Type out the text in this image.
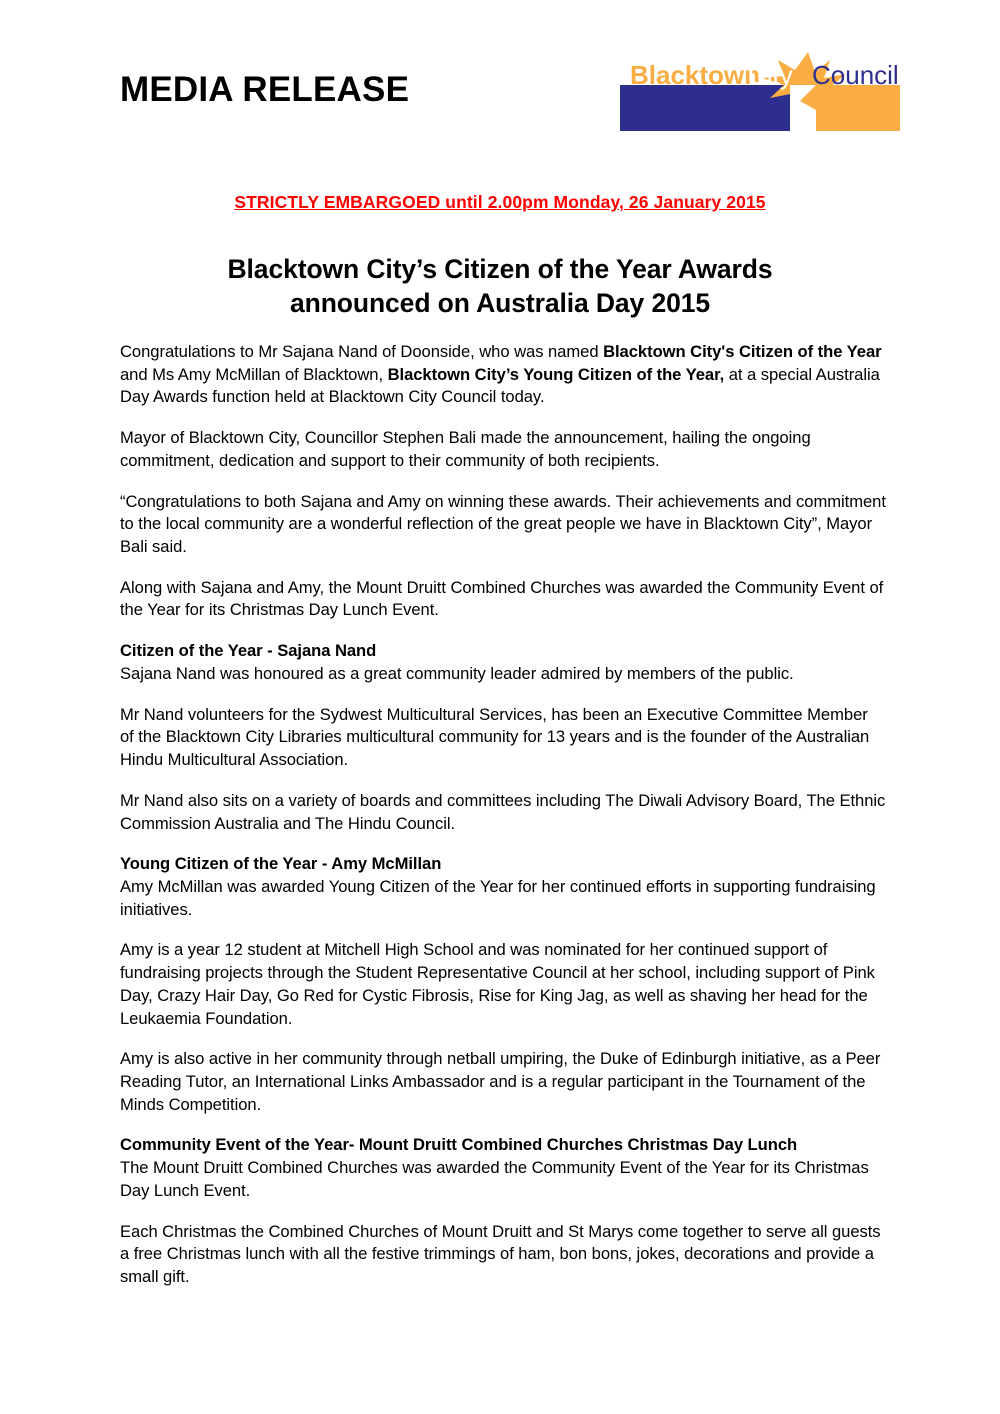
MEDIA RELEASE	Blacktown
City Council
STRICTLY EMBARGOED until 2.00pm Monday, 26 January 2015
Blacktown City’s Citizen of the Year Awards
announced on Australia Day 2015

Congratulations to Mr Sajana Nand of Doonside, who was named Blacktown City's Citizen of the Year and Ms Amy McMillan of Blacktown, Blacktown City’s Young Citizen of the Year, at a special Australia Day Awards function held at Blacktown City Council today.

Mayor of Blacktown City, Councillor Stephen Bali made the announcement, hailing the ongoing commitment, dedication and support to their community of both recipients.

“Congratulations to both Sajana and Amy on winning these awards. Their achievements and commitment to the local community are a wonderful reflection of the great people we have in Blacktown City”, Mayor Bali said.

Along with Sajana and Amy, the Mount Druitt Combined Churches was awarded the Community Event of the Year for its Christmas Day Lunch Event.

Citizen of the Year - Sajana Nand

Sajana Nand was honoured as a great community leader admired by members of the public.

Mr Nand volunteers for the Sydwest Multicultural Services, has been an Executive Committee Member of the Blacktown City Libraries multicultural community for 13 years and is the founder of the Australian Hindu Multicultural Association.

Mr Nand also sits on a variety of boards and committees including The Diwali Advisory Board, The Ethnic Commission Australia and The Hindu Council.

Young Citizen of the Year - Amy McMillan

Amy McMillan was awarded Young Citizen of the Year for her continued efforts in supporting fundraising initiatives.

Amy is a year 12 student at Mitchell High School and was nominated for her continued support of fundraising projects through the Student Representative Council at her school, including support of Pink Day, Crazy Hair Day, Go Red for Cystic Fibrosis, Rise for King Jag, as well as shaving her head for the Leukaemia Foundation.

Amy is also active in her community through netball umpiring, the Duke of Edinburgh initiative, as a Peer Reading Tutor, an International Links Ambassador and is a regular participant in the Tournament of the Minds Competition.

Community Event of the Year- Mount Druitt Combined Churches Christmas Day Lunch

The Mount Druitt Combined Churches was awarded the Community Event of the Year for its Christmas Day Lunch Event.

Each Christmas the Combined Churches of Mount Druitt and St Marys come together to serve all guests a free Christmas lunch with all the festive trimmings of ham, bon bons, jokes, decorations and provide a small gift.
